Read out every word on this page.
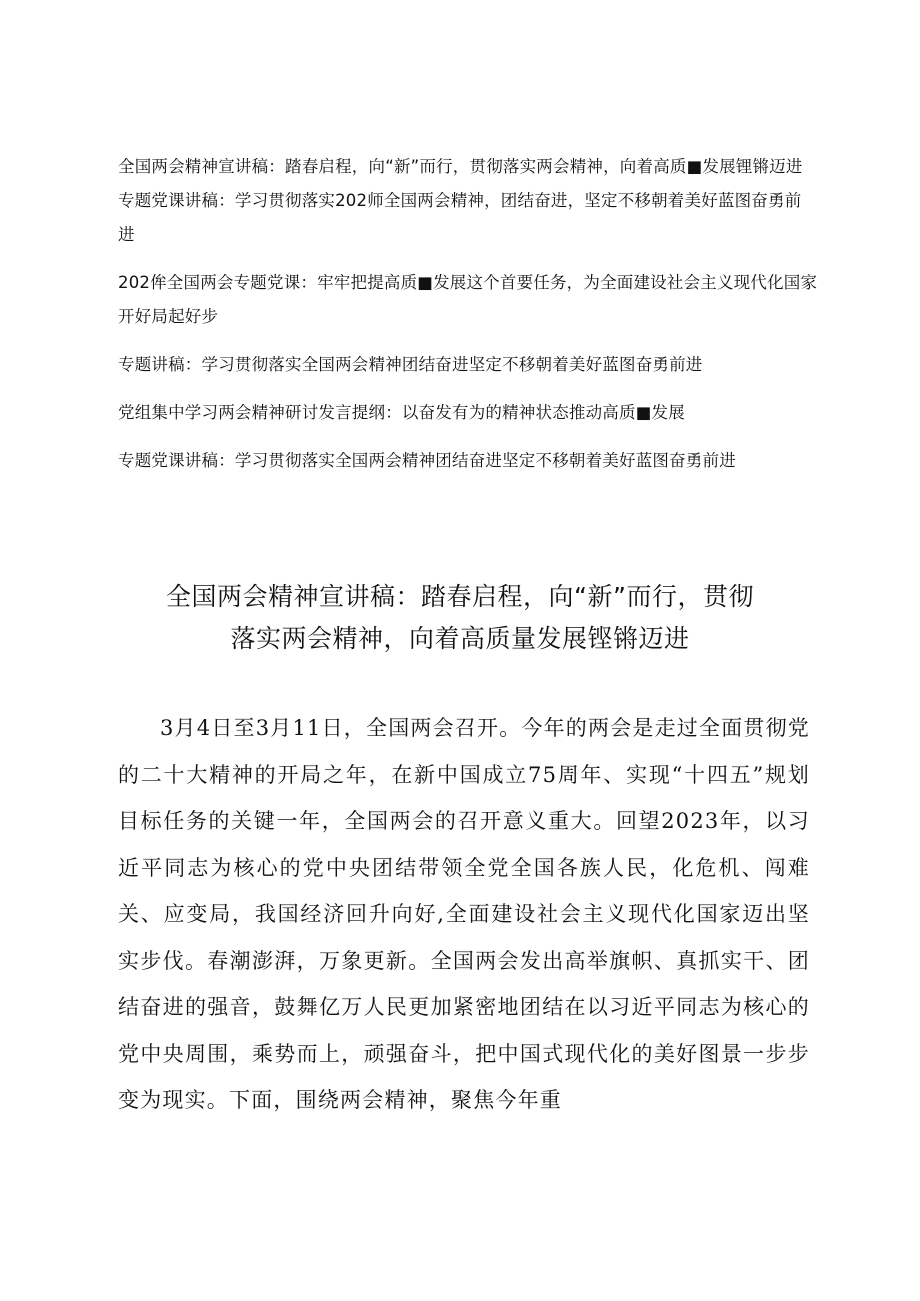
全国两会精神宣讲稿：踏春启程，向“新”而行，贯彻落实两会精神，向着高质■发展锂锵迈进专题党课讲稿：学习贯彻落实202师全国两会精神，团结奋进，坚定不移朝着美好蓝图奋勇前进
202侔全国两会专题党课：牢牢把提高质■发展这个首要任务，为全面建设社会主义现代化国家开好局起好步
专题讲稿：学习贯彻落实全国两会精神团结奋进坚定不移朝着美好蓝图奋勇前进
党组集中学习两会精神研讨发言提纲：以奋发有为的精神状态推动高质■发展
专题党课讲稿：学习贯彻落实全国两会精神团结奋进坚定不移朝着美好蓝图奋勇前进
全国两会精神宣讲稿：踏春启程，向“新”而行，贯彻
落实两会精神，向着高质量发展铿锵迈进
3月4日至3月11日，全国两会召开。今年的两会是走过全面贯彻党的二十大精神的开局之年，在新中国成立75周年、实现“十四五”规划目标任务的关键一年，全国两会的召开意义重大。回望2023年，以习近平同志为核心的党中央团结带领全党全国各族人民，化危机、闯难关、应变局，我国经济回升向好,全面建设社会主义现代化国家迈出坚实步伐。春潮澎湃，万象更新。全国两会发出高举旗帜、真抓实干、团结奋进的强音，鼓舞亿万人民更加紧密地团结在以习近平同志为核心的党中央周围，乘势而上，顽强奋斗，把中国式现代化的美好图景一步步变为现实。下面，围绕两会精神，聚焦今年重
